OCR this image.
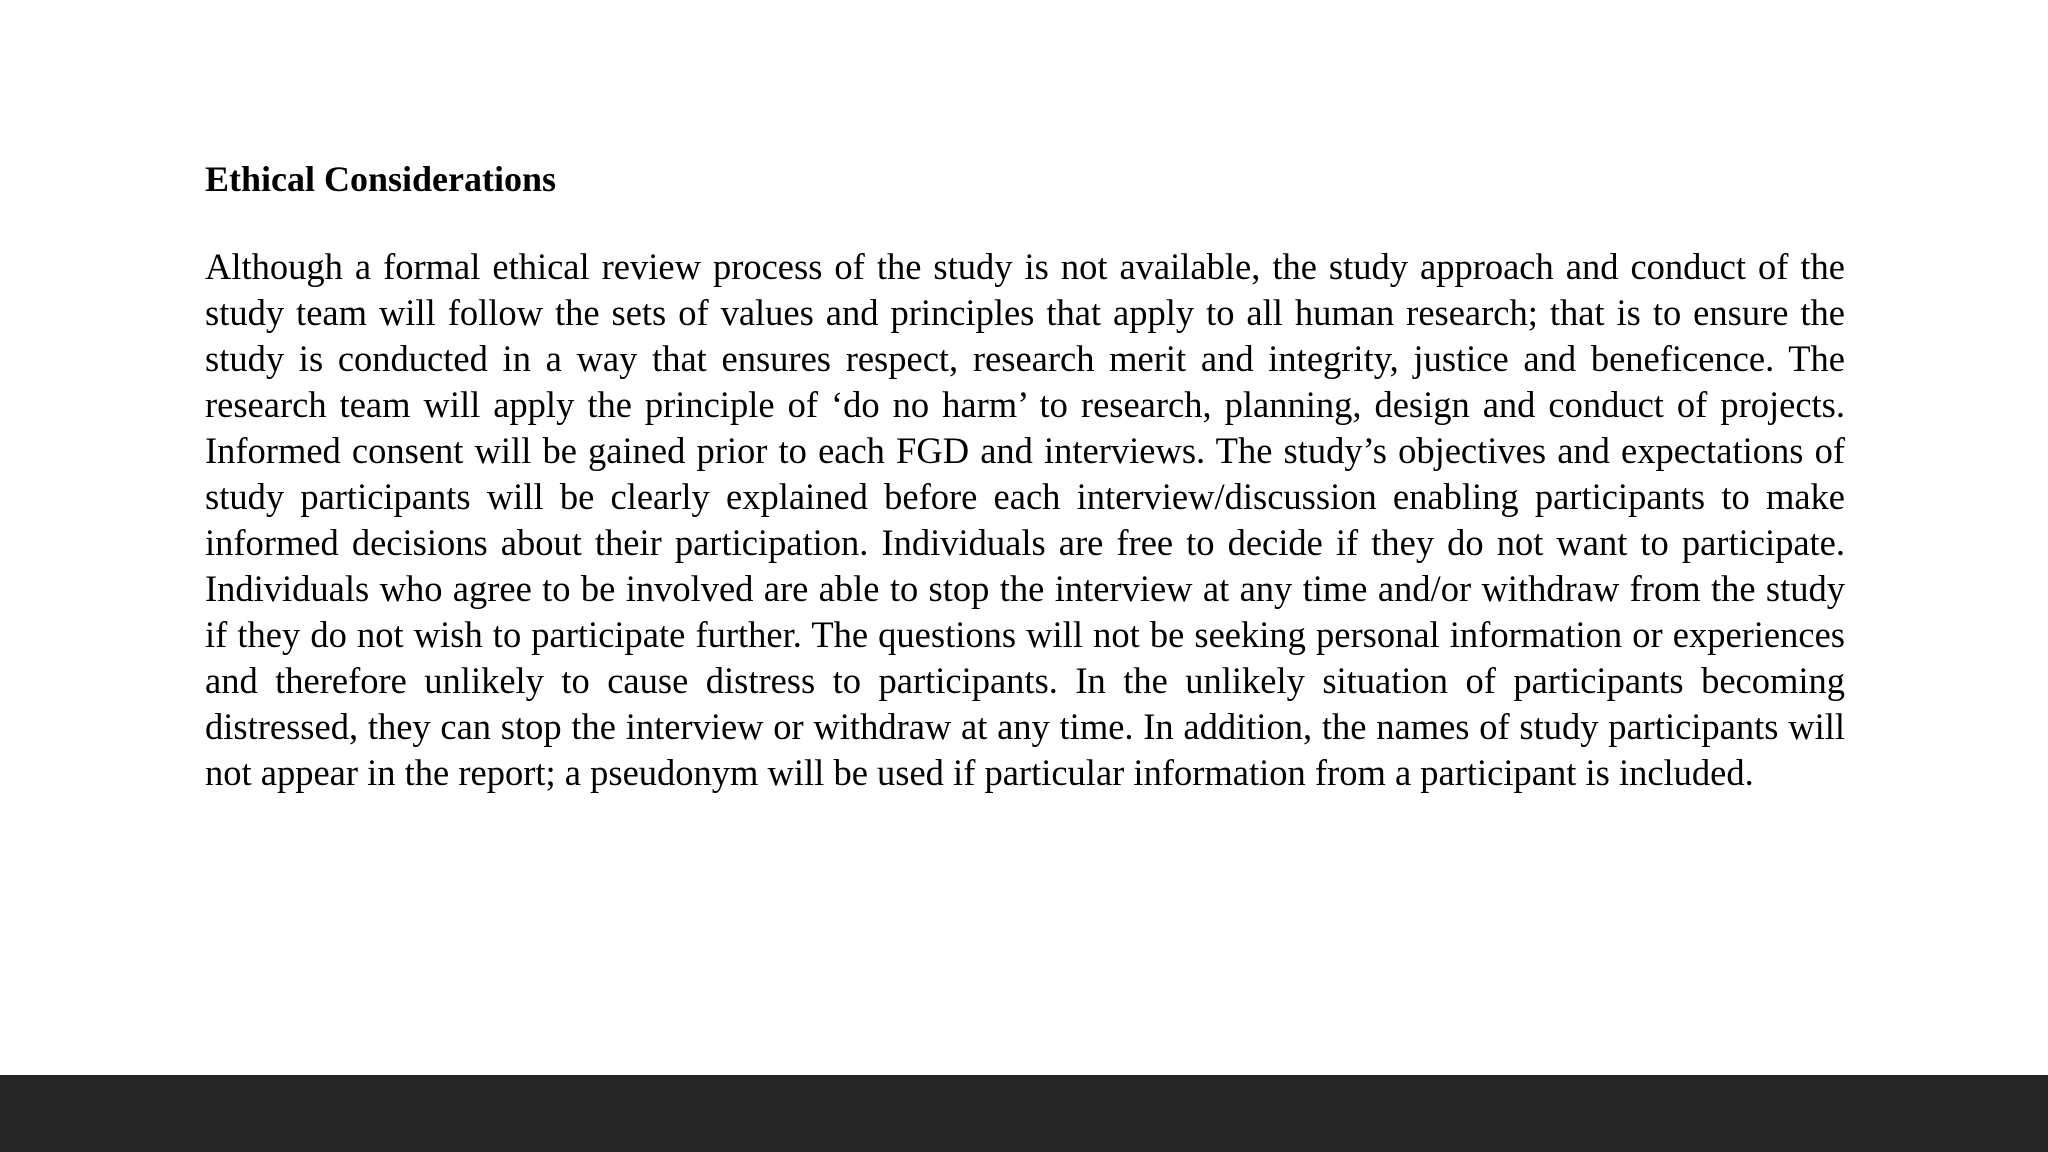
Ethical Considerations

Although a formal ethical review process of the study is not available, the study approach and conduct of the study team will follow the sets of values and principles that apply to all human research; that is to ensure the study is conducted in a way that ensures respect, research merit and integrity, justice and beneficence. The research team will apply the principle of ‘do no harm’ to research, planning, design and conduct of projects. Informed consent will be gained prior to each FGD and interviews. The study’s objectives and expectations of study participants will be clearly explained before each interview/discussion enabling participants to make informed decisions about their participation. Individuals are free to decide if they do not want to participate. Individuals who agree to be involved are able to stop the interview at any time and/or withdraw from the study if they do not wish to participate further. The questions will not be seeking personal information or experiences and therefore unlikely to cause distress to participants. In the unlikely situation of participants becoming distressed, they can stop the interview or withdraw at any time. In addition, the names of study participants will not appear in the report; a pseudonym will be used if particular information from a participant is included.
